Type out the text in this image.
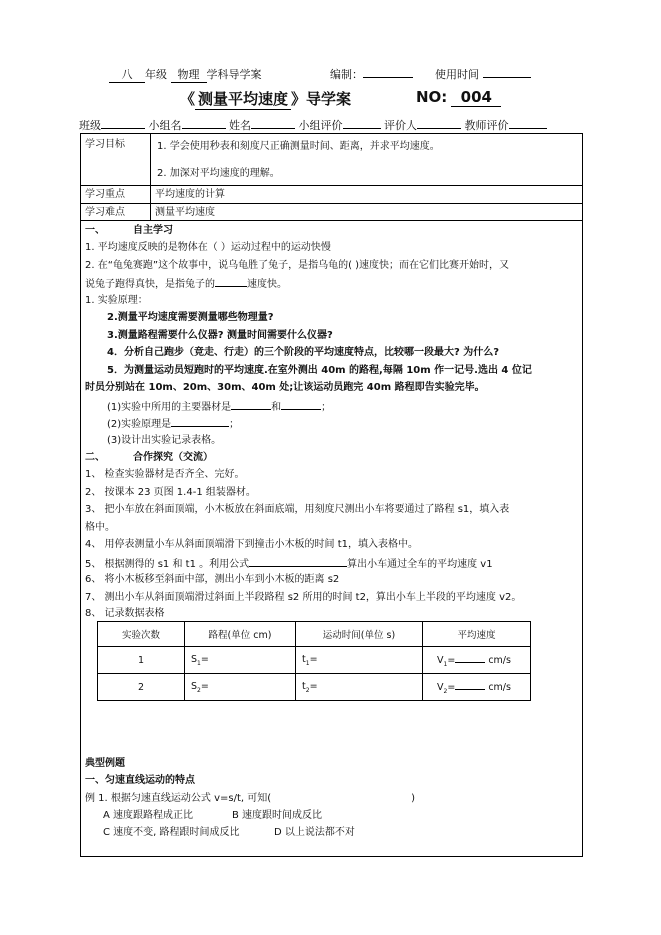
八 年级 物理 学科导学案	编制：	使用时间
《 测量平均速度 》导学案	NO: 004
班级	小组名	姓名	小组评价	评价人	教师评价
学习目标	1. 学会使用秒表和刻度尺正确测量时间、距离，并求平均速度。
2. 加深对平均速度的理解。
学习重点	平均速度的计算
学习难点	测量平均速度
一、	自主学习
1. 平均速度反映的是物体在（ ）运动过程中的运动快慢
2. 在“龟兔赛跑”这个故事中，说乌龟胜了兔子，是指乌龟的( )速度快；而在它们比赛开始时，又
说兔子跑得真快，是指兔子的	速度快。
1. 实验原理：
2.测量平均速度需要测量哪些物理量?
3.测量路程需要什么仪器? 测量时间需要什么仪器?
4．分析自己跑步（竞走、行走）的三个阶段的平均速度特点，比较哪一段最大? 为什么?
5．为测量运动员短跑时的平均速度.在室外测出 40m 的路程,每隔 10m 作一记号.选出 4 位记
时员分别站在 10m、20m、30m、40m 处;让该运动员跑完 40m 路程即告实验完毕。
(1)实验中所用的主要器材是	和	；
(2)实验原理是	；
(3)设计出实验记录表格。
二、	合作探究（交流）
1、 检查实验器材是否齐全、完好。
2、 按课本 23 页图 1.4-1 组装器材。
3、 把小车放在斜面顶端，小木板放在斜面底端，用刻度尺测出小车将要通过了路程 s1，填入表
格中。
4、 用停表测量小车从斜面顶端滑下到撞击小木板的时间 t1，填入表格中。
5、 根据测得的 s1 和 t1 。利用公式	算出小车通过全车的平均速度 v1
6、 将小木板移至斜面中部，测出小车到小木板的距离 s2
7、 测出小车从斜面顶端滑过斜面上半段路程 s2 所用的时间 t2，算出小车上半段的平均速度 v2。
8、 记录数据表格
实验次数	路程(单位 cm)	运动时间(单位 s)	平均速度
1	$S_1=$	$t_1=$	$V_1= cm/s$
2	$S_2=$	$t_2=$	$V_2= cm/s$
典型例题
一、匀速直线运动的特点
例 1. 根据匀速直线运动公式 v=s/t, 可知(	)
A 速度跟路程成正比	B 速度跟时间成反比
C 速度不变, 路程跟时间成反比	D 以上说法都不对
